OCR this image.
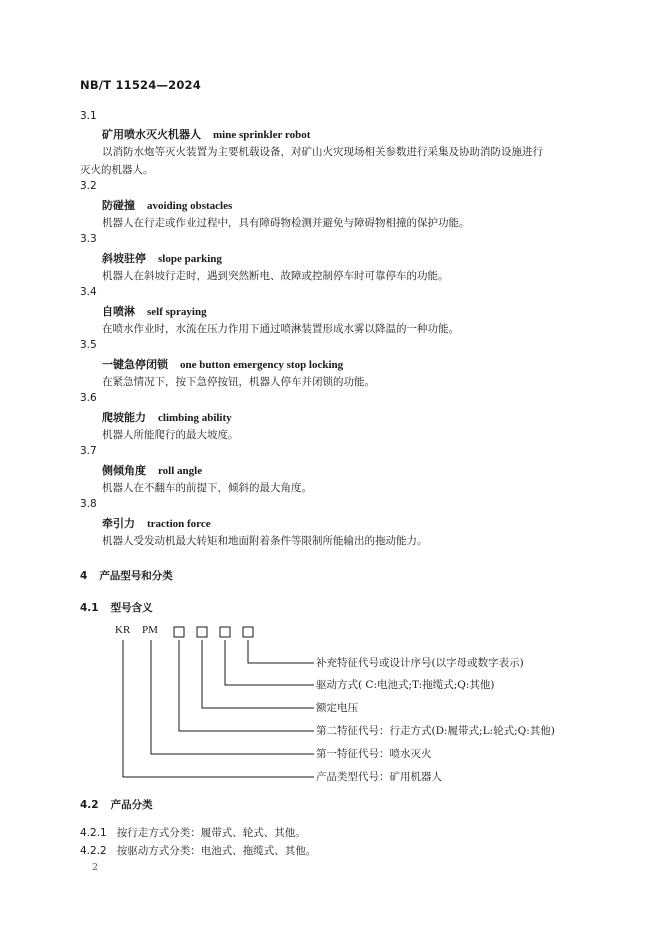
NB/T 11524—2024
3.1
矿用喷水灭火机器人 mine sprinkler robot
以消防水炮等灭火装置为主要机载设备，对矿山火灾现场相关参数进行采集及协助消防设施进行
灭火的机器人。
3.2
防碰撞 avoiding obstacles
机器人在行走或作业过程中，具有障碍物检测并避免与障碍物相撞的保护功能。
3.3
斜坡驻停 slope parking
机器人在斜坡行走时，遇到突然断电、故障或控制停车时可靠停车的功能。
3.4
自喷淋 self spraying
在喷水作业时，水流在压力作用下通过喷淋装置形成水雾以降温的一种功能。
3.5
一键急停闭锁 one button emergency stop locking
在紧急情况下，按下急停按钮，机器人停车并闭锁的功能。
3.6
爬坡能力 climbing ability
机器人所能爬行的最大坡度。
3.7
侧倾角度 roll angle
机器人在不翻车的前提下，倾斜的最大角度。
3.8
牵引力 traction force
机器人受发动机最大转矩和地面附着条件等限制所能输出的拖动能力。
4 产品型号和分类
4.1 型号含义
KR PM
补充特征代号或设计序号(以字母或数字表示)
驱动方式( C:电池式;T:拖缆式;Q:其他)
额定电压
第二特征代号：行走方式(D:履带式;L:轮式;Q:其他)
第一特征代号：喷水灭火
产品类型代号：矿用机器人
4.2 产品分类
4.2.1 按行走方式分类：履带式、轮式、其他。
4.2.2 按驱动方式分类：电池式、拖缆式、其他。
2
